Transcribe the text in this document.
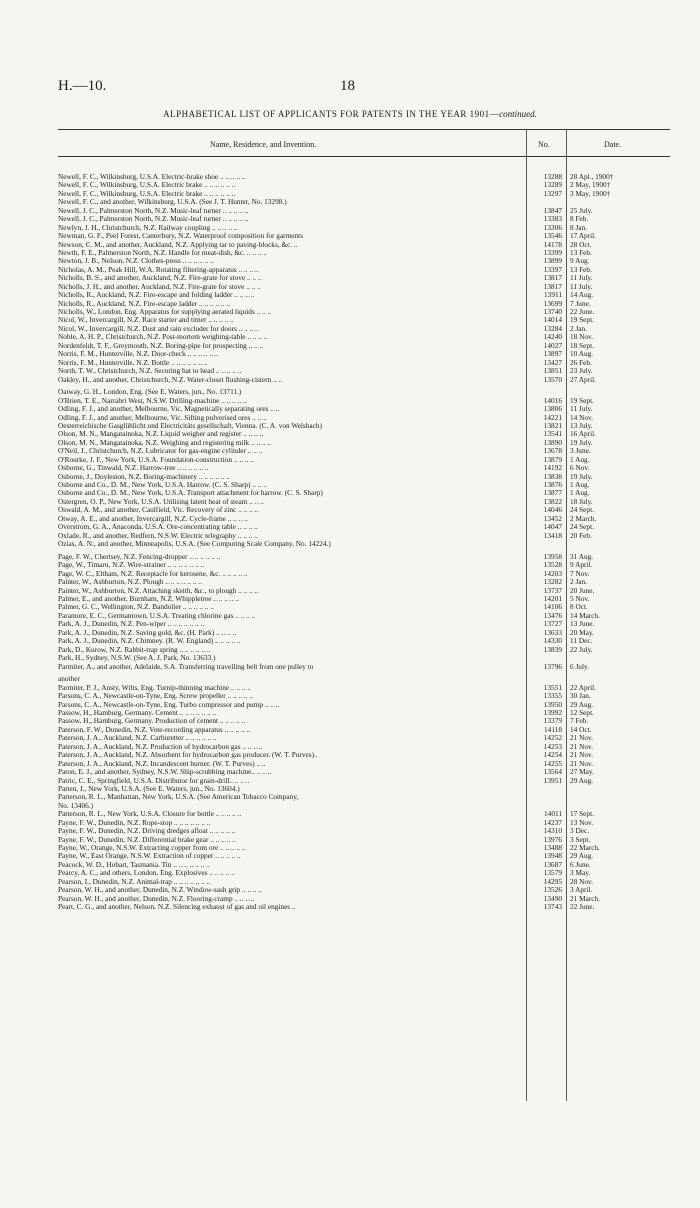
H.—10.	18
ALPHABETICAL LIST OF APPLICANTS FOR PATENTS IN THE YEAR 1901—continued.
Name, Residence, and Invention.	No.	Date.
Newell, F. C., Wilkinsburg, U.S.A. Electric-brake shoe .. .. .. .. ..	13288 28 Apl., 1900†
Newell, F. C., Wilkinsburg, U.S.A. Electric brake .. .. .. .. .. ..	13289 2 May, 1900†
Newell, F. C., Wilkinsburg, U.S.A. Electric brake .. .. .. .. .. ..	13297 3 May, 1900†
Newell, F. C., and another, Wilkinsburg, U.S.A. (See J. T. Hunter, No. 13298.)
Newell, J. C., Palmerston North, N.Z. Music-leaf turner .. .. .. .. ..	13847 25 July.
Newell, J. C., Palmerston North, N.Z. Music-leaf turner .. .. .. .. ..	13383 8 Feb.
Newlyn, J. H., Christchurch, N.Z. Railway coupling .. .. .. .. ..	13306 8 Jan.
Newman, G. F., Peel Forest, Canterbury, N.Z. Waterproof composition for garments	13546 17 April.
Newson, C. M., and another, Auckland, N.Z. Applying tar to paving-blocks, &c. ..	14178 28 Oct.
Newth, F. E., Palmerston North, N.Z. Handle for meat-dish, &c. .. .. .. ..	13399 13 Feb.
Newton, J. B., Nelson, N.Z. Clothes-press .. .. .. .. .. ..	13899 9 Aug.
Nicholas, A. M., Peak Hill, W.A. Rotating filtering-apparatus .. .. .. ..	13397 13 Feb.
Nicholls, B. S., and another, Auckland, N.Z. Fire-grate for stove .. .. ..	13817 11 July.
Nicholls, J. H., and another, Auckland, N.Z. Fire-grate for stove .. .. ..	13817 11 July.
Nicholls, R., Auckland, N.Z. Fire-escape and folding ladder .. .. .. ..	13911 14 Aug.
Nicholls, R., Auckland, N.Z. Fire-escape ladder .. .. .. .. .. ..	13699 7 June.
Nicholls, W., London, Eng. Apparatus for supplying aerated liquids .. .. ..	13740 22 June.
Nicol, W., Invercargill, N.Z. Race starter and timer .. .. .. .. ..	14014 19 Sept.
Nicol, W., Invercargill, N.Z. Dust and rain excluder for doors .. .. .. ..	13284 2 Jan.
Noble, A. H. P., Christchurch, N.Z. Post-mortem weighing-table .. .. .. ..	14240 18 Nov.
Nordenfeldt, T. F., Greymouth, N.Z. Boring-pipe for prospecting .. .. ..	14027 18 Sept.
Norris, F. M., Hunterville, N.Z. Door-check .. .. .. .. .. ..	13897 10 Aug.
Norris, F. M., Hunterville, N.Z. Bottle .. .. .. .. .. .. ..	13427 26 Feb.
North, T. W., Christchurch, N.Z. Securing hat to head .. .. .. .. ..	13851 23 July.
Oakley, H., and another, Christchurch, N.Z. Water-closet flushing-cistern .. ..	13570 27 April.
Oatway, G. H., London, Eng. (See E. Waters, jun., No. 13711.)
O'Brien, T. E., Narrabri West, N.S.W. Drilling-machine .. .. .. .. ..	14016 19 Sept.
Odling, F. J., and another, Melbourne, Vic. Magnetically separating ores .. ..	13806 11 July.
Odling, F. J., and another, Melbourne, Vic. Sifting pulverised ores .. .. ..	14221 14 Nov.
Oesterreichische Gasglühlicht und Electricitäts gesellschaft, Vienna. (C. A. von Welsbach)	13821 13 July.
Olson, M. N., Mangatainoka, N.Z. Liquid weigher and register .. .. .. ..	13541 16 April.
Olson, M. N., Mangatainoka, N.Z. Weighing and registering milk .. .. .. ..	13890 19 July.
O'Neil, J., Christchurch, N.Z. Lubricator for gas-engine cylinder .. .. ..	13678 3 June.
O'Rourke, J. F., New York, U.S.A. Foundation-construction .. .. .. ..	13879 1 Aug.
Osborne, G., Tinwald, N.Z. Harrow-tree .. .. .. .. .. ..	14192 6 Nov.
Osborne, J., Doyleston, N.Z. Boring-machinery .. .. .. .. .. ..	13838 19 July.
Osborne and Co., D. M., New York, U.S.A. Harrow. (C. S. Sharp) .. .. ..	13876 1 Aug.
Osborne and Co., D. M., New York, U.S.A. Transport attachment for harrow. (C. S. Sharp)	13877 1 Aug.
Ostergren, O. P., New York, U.S.A. Utilising latent heat of steam .. .. ..	13822 18 July.
Oswald, A. M., and another, Caulfield, Vic. Recovery of zinc .. .. .. ..	14046 24 Sept.
Otway, A. E., and another, Invercargill, N.Z. Cycle-frame .. .. .. ..	13452 2 March.
Overstrom, G. A., Anaconda, U.S.A. Ore-concentrating table .. .. .. ..	14047 24 Sept.
Oxlade, R., and another, Redfern, N.S.W. Electric telegraphy .. .. .. ..	13418 20 Feb.
Ozias, A. N., and another, Minneapolis, U.S.A. (See Computing Scale Company, No. 14224.)
Page, F. W., Chertsey, N.Z. Fencing-dropper .. .. .. .. .. ..	13958 31 Aug.
Page, W., Timaru, N.Z. Wire-strainer .. .. .. .. .. .. ..	13528 9 April.
Page, W. C., Eltham, N.Z. Receptacle for kerosene, &c. .. .. .. .. ..	14203 7 Nov.
Painter, W., Ashburton, N.Z. Plough .. .. .. .. .. .. ..	13282 2 Jan.
Painter, W., Ashburton, N.Z. Attaching skeith, &c., to plough .. .. .. ..	13737 20 June.
Palmer, E., and another, Burnham, N.Z. Whippletree .. .. .. .. ..	14201 5 Nov.
Palmer, G. C., Wellington, N.Z. Bandolier .. .. .. .. .. ..	14106 8 Oct.
Paramore, E. C., Germantown, U.S.A. Treating chlorine gas .. .. .. ..	13476 14 March.
Park, A. J., Dunedin, N.Z. Pen-wiper .. .. .. .. .. .. ..	13727 13 June.
Park, A. J., Dunedin, N.Z. Saving gold, &c. (H. Park) .. .. .. ..	13633 20 May.
Park, A. J., Dunedin, N.Z. Chimney. (R. W. England) .. .. .. .. ..	14330 11 Dec.
Park, D., Kurow, N.Z. Rabbit-trap spring .. .. .. .. .. ..	13839 22 July.
Park, H., Sydney, N.S.W. (See A. J. Park, No. 13633.)
Parmiter, A., and another, Adelaide, S.A. Transferring travelling belt from one pulley to	13796 6 July.
another
Parmiter, P. J., Ansty, Wilts, Eng. Turnip-thinning machine .. .. .. ..	13551 22 April.
Parsons, C. A., Newcastle-on-Tyne, Eng. Screw propeller .. .. .. .. ..	13355 30 Jan.
Parsons, C. A., Newcastle-on-Tyne, Eng. Turbo compressor and pump .. .. ..	13950 29 Aug.
Passow, H., Hamburg, Germany. Cement .. .. .. .. .. .. ..	13992 12 Sept.
Passow, H., Hamburg, Germany. Production of cement .. .. .. .. ..	13379 7 Feb.
Paterson, F. W., Dunedin, N.Z. Vote-recording apparatus .. .. .. .. ..	14118 14 Oct.
Paterson, J. A., Auckland, N.Z. Carburetter .. .. .. .. .. ..	14252 21 Nov.
Paterson, J. A., Auckland, N.Z. Production of hydrocarbon gas .. .. .. ..	14253 21 Nov.
Paterson, J. A., Auckland, N.Z. Absorbent for hydrocarbon gas producer. (W. T. Purves)..	14254 21 Nov.
Paterson, J. A., Auckland, N.Z. Incandescent burner. (W. T. Purves) .. ..	14255 21 Nov.
Paton, E. J., and another, Sydney, N.S.W. Ship-scrubbing machine.. .. .. ..	13564 27 May.
Patric, C. E., Springfield, U.S.A. Distributor for grain-drill.. .. .. ..	13951 29 Aug.
Patten, J., New York, U.S.A. (See E. Waters, jun., No. 13604.)
Patterson, R. L., Manhattan, New York, U.S.A. (See American Tobacco Company,
No. 13406.)
Patterson, R. L., New York, U.S.A. Closure for bottle .. .. .. .. ..	14011 17 Sept.
Payne, F. W., Dunedin, N.Z. Rope-stop .. .. .. .. .. .. ..	14237 13 Nov.
Payne, F. W., Dunedin, N.Z. Driving dredges afloat .. .. .. .. ..	14310 3 Dec.
Payne, F. W., Dunedin, N.Z. Differential brake gear .. .. .. .. ..	13976 3 Sept.
Payne, W., Orange, N.S.W. Extracting copper from ore .. .. .. .. ..	13488 22 March.
Payne, W., East Orange, N.S.W. Extraction of copper .. .. .. .. ..	13948 29 Aug.
Peacock, W. D., Hobart, Tasmania. Tin .. .. .. .. .. .. ..	13687 6 June.
Pearcy, A. C., and others, London, Eng. Explosives .. .. .. .. ..	13579 3 May.
Pearson, I., Dunedin, N.Z. Animal-trap .. .. .. .. .. .. ..	14295 28 Nov.
Pearson, W. H., and another, Dunedin, N.Z. Window-sash grip .. .. .. ..	13526 3 April.
Pearson, W. H., and another, Dunedin, N.Z. Flooring-cramp .. .. .. ..	13490 21 March.
Peart, C. G., and another, Nelson, N.Z. Silencing exhaust of gas and oil engines ..	13743 22 June.
